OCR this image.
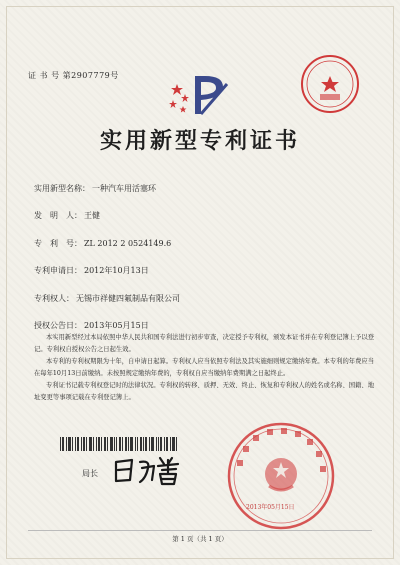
证 书 号 第2907779号
实用新型专利证书
实用新型名称： 一种汽车用活塞环
发　明　人： 王健
专　利　号： ZL 2012 2 0524149.6
专利申请日： 2012年10月13日
专利权人： 无锡市祥健四氟制品有限公司
授权公告日： 2013年05月15日

本实用新型经过本局依照中华人民共和国专利法进行初步审查，决定授予专利权，颁发本证书并在专利登记簿上予以登记。专利权自授权公告之日起生效。

本专利的专利权期限为十年，自申请日起算。专利权人应当依照专利法及其实施细则规定缴纳年费。本专利的年费应当在每年10月13日前缴纳。未按照规定缴纳年费的，专利权自应当缴纳年费期满之日起终止。

专利证书记载专利权登记时的法律状况。专利权的转移、质押、无效、终止、恢复和专利权人的姓名或名称、国籍、地址变更等事项记载在专利登记簿上。

局长
2013年05月15日
第 1 页（共 1 页）
